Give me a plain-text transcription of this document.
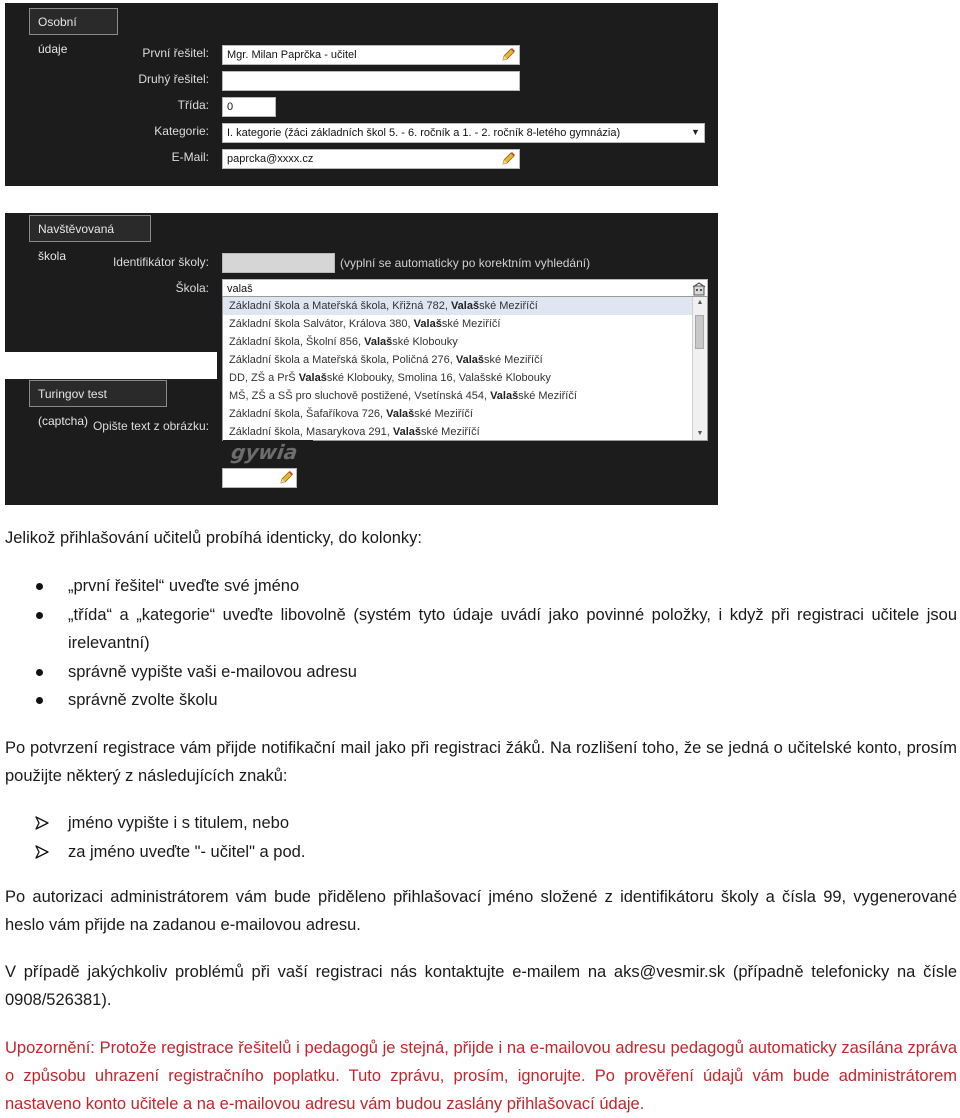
Osobní údaje	První řešitel:	Mgr. Milan Paprčka - učitel
Druhý řešitel:
Třída:	0
Kategorie:	I. kategorie (žáci základních škol 5. - 6. ročník a 1. - 2. ročník 8-letého gymnázia)	▼
E-Mail:	paprcka@xxxx.cz
Navštěvovaná škola	Identifikátor školy:	(vyplní se automaticky po korektním vyhledání)
Škola:	valaš
Základní škola a Mateřská škola, Křižná 782, Valašské Meziříčí
Základní škola Salvátor, Králova 380, Valašské Meziříčí
Základní škola, Školní 856, Valašské Klobouky
Základní škola a Mateřská škola, Poličná 276, Valašské Meziříčí
DD, ZŠ a PrŠ Valašské Klobouky, Smolina 16, Valašské Klobouky
MŠ, ZŠ a SŠ pro sluchově postižené, Vsetínská 454, Valašské Meziříčí
Základní škola, Šafaříkova 726, Valašské Meziříčí
Základní škola, Masarykova 291, Valašské Meziříčí
▲
▼
Turingov test (captcha) Opište text z obrázku:
gywia
Jelikož přihlašování učitelů probíhá identicky, do kolonky:
„první řešitel“ uveďte své jméno
„třída“ a „kategorie“ uveďte libovolně (systém tyto údaje uvádí jako povinné položky, i když při registraci učitele jsou irelevantní)
správně vypište vaši e-mailovou adresu
správně zvolte školu
Po potvrzení registrace vám přijde notifikační mail jako při registraci žáků. Na rozlišení toho, že se jedná o učitelské konto, prosím použijte některý z následujících znaků:
jméno vypište i s titulem, nebo
za jméno uveďte "- učitel" a pod.
Po autorizaci administrátorem vám bude přiděleno přihlašovací jméno složené z identifikátoru školy a čísla 99, vygenerované heslo vám přijde na zadanou e-mailovou adresu.
V případě jakýchkoliv problémů při vaší registraci nás kontaktujte e-mailem na aks@vesmir.sk (případně telefonicky na čísle 0908/526381).
Upozornění: Protože registrace řešitelů i pedagogů je stejná, přijde i na e-mailovou adresu pedagogů automaticky zasílána zpráva o způsobu uhrazení registračního poplatku. Tuto zprávu, prosím, ignorujte. Po prověření údajů vám bude administrátorem nastaveno konto učitele a na e-mailovou adresu vám budou zaslány přihlašovací údaje.
